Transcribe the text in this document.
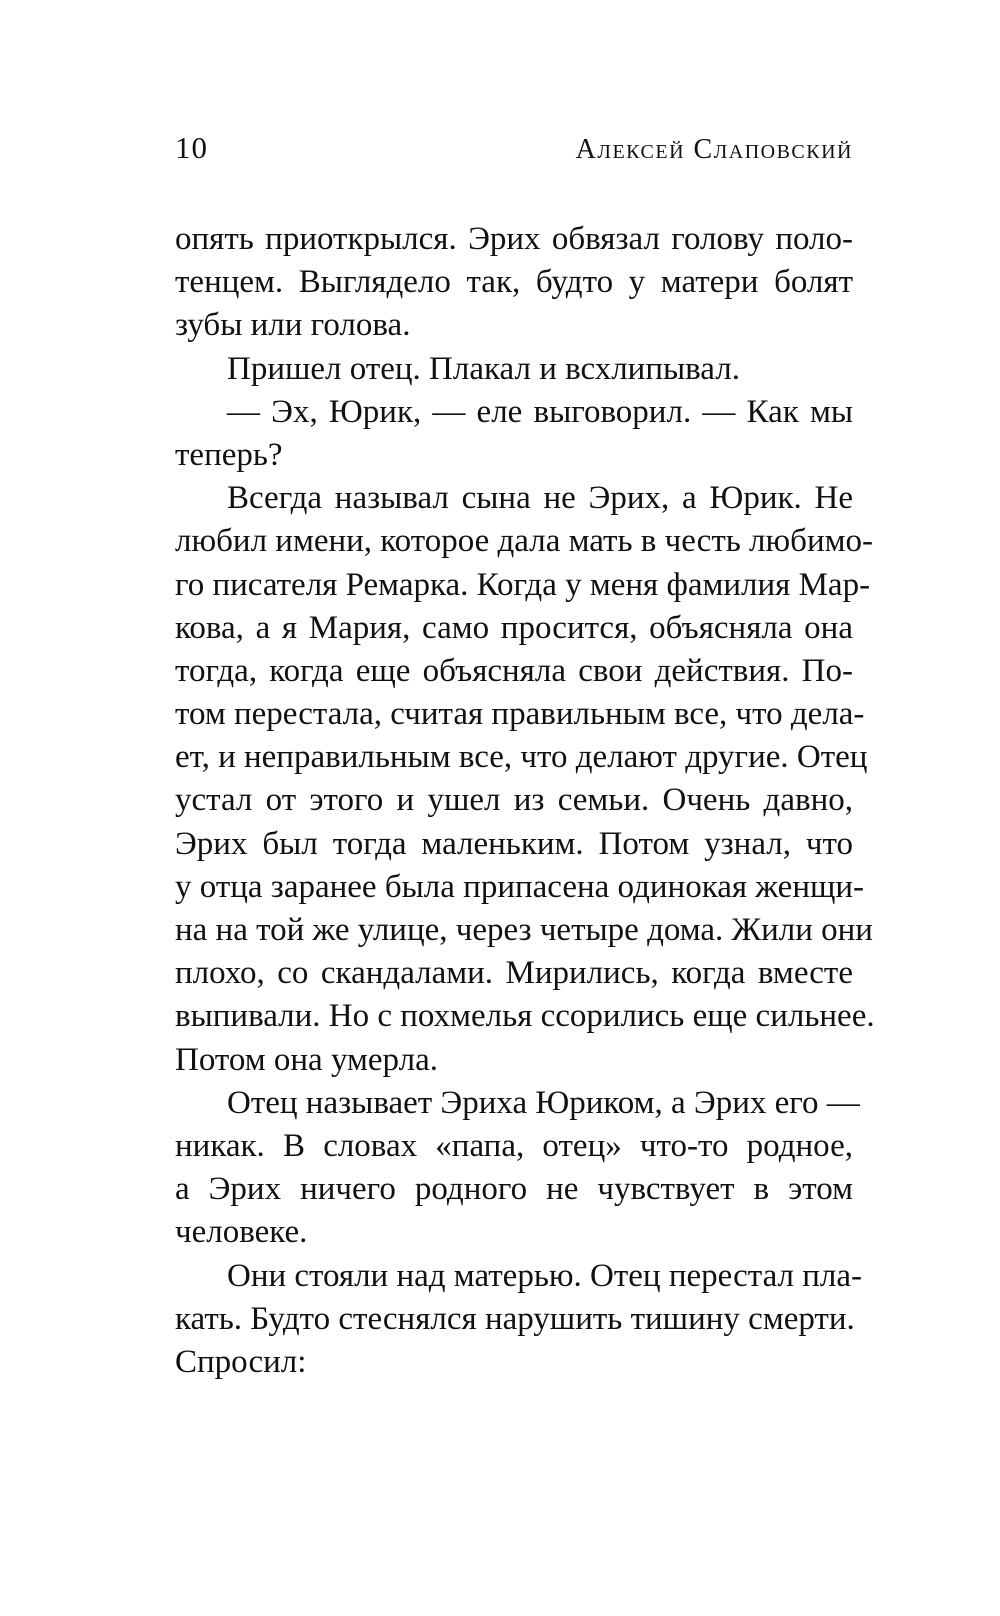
10	Алексей Слаповский
опять приоткрылся. Эрих обвязал голову поло-
тенцем. Выглядело так, будто у матери болят
зубы или голова.
Пришел отец. Плакал и всхлипывал.
— Эх, Юрик, — еле выговорил. — Как мы
теперь?
Всегда называл сына не Эрих, а Юрик. Не
любил имени, которое дала мать в честь любимо-
го писателя Ремарка. Когда у меня фамилия Мар-
кова, а я Мария, само просится, объясняла она
тогда, когда еще объясняла свои действия. По-
том перестала, считая правильным все, что дела-
ет, и неправильным все, что делают другие. Отец
устал от этого и ушел из семьи. Очень давно,
Эрих был тогда маленьким. Потом узнал, что
у отца заранее была припасена одинокая женщи-
на на той же улице, через четыре дома. Жили они
плохо, со скандалами. Мирились, когда вместе
выпивали. Но с похмелья ссорились еще сильнее.
Потом она умерла.
Отец называет Эриха Юриком, а Эрих его —
никак. В словах «папа, отец» что-то родное,
а Эрих ничего родного не чувствует в этом
человеке.
Они стояли над матерью. Отец перестал пла-
кать. Будто стеснялся нарушить тишину смерти.
Спросил:
